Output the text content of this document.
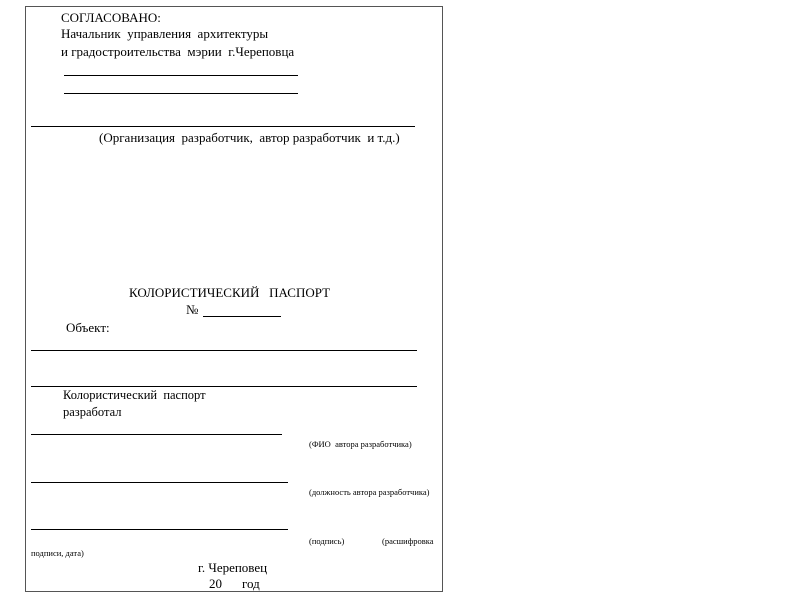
СОГЛАСОВАНО:
Начальник  управления  архитектуры
и градостроительства  мэрии  г.Череповца
(Организация  разработчик,  автор разработчик  и т.д.)
КОЛОРИСТИЧЕСКИЙ   ПАСПОРТ
№
Объект:
Колористический  паспорт
разработал
(ФИО  автора разработчика)
(должность автора разработчика)
(подпись)	(расшифровка
подписи, дата)
г. Череповец
20 год
